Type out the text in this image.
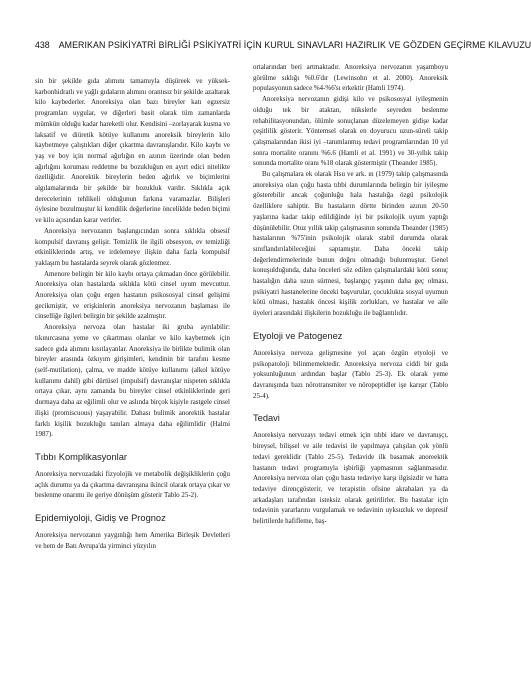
438 AMERIKAN PSİKİYATRİ BİRLİĞİ PSİKİYATRİ İÇİN KURUL SINAVLARI HAZIRLIK VE GÖZDEN GEÇİRME KILAVUZU

sin bir şekilde gıda alımını tamamıyla düşüreek ve yüksek- karbonhidratlı ve yağlı gıdaların alımını orantısız bir şekilde azaltarak kilo kaybederler. Anoreksiya olan bazı bireyler katı egzersiz programları uygular, ve diğerleri basit olarak tüm zamanlarda mümkün olduğu kadar hareketli olur. Kendisini –zorlayarak kusma ve laksatif ve diüretik kötüye kullanımı anoreksik bireylerin kilo kaybetmeye çalıştıkları diğer çıkartma davranışlarıdır. Kilo kaybı ve yaş ve boy için normal ağırlığın en azının üzerinde olan beden ağırlığını koruması reddetme bu bozukluğun en ayırt edici nitelikte özelliğidir. Anorektik bireylerin beden ağırlık ve biçimlerini algılamalarında bir şekilde bir bozukluk vardır. Sıklıkla açık derecelerinin tehlikeli olduğunun farkına varamazlar. Bilişleri öylesine bozulmuştur ki kendilik değerlerine önceliklde beden biçimi ve kilo açısından karar verirler.

Anoreksiya nervozanın başlangıcından sonra sıklıkla obsesif kompulsif davranış gelişir. Temizlik ile ilgili obsesyon, ev temizliği etkinliklerinde artış, ve irdelemeye ilişkin daha fazla kompulsif yaklaşım bu hastalarda seyrek olarak gözlenmez.

Amenore belirgin bir kilo kaybı ortaya çıkmadan önce görülebilir. Anoreksiya olan hastalarda sıklıkla kötü cinsel uyum mevcuttur. Anoreksiya olan çoğu ergen hastanın psikososyal cinsel gelişimi gecikmiştir, ve erişkinlerin anoreksiya nervozanın başlaması ile cinselliğe ilgileri belirgin bir şekilde azalmıştır.

Anoreksiya nervoza olan hastalar iki gruba ayrılabilir: tıkınırcasına yeme ve çıkartması olanlar ve kilo kaybetmek için sadece gıda alımını kısıtlayanlar. Anoreksiya ile birlikte bulimik olan bireyler arasında özkıyım girişimleri, kendinin bir tarafını kesme (self-mutilation), çalma, ve madde kötüye kullanımı (alkol kötüye kullanımı dahil) gibi dürtüsel (impulsif) davranışlar nispeten sıklıkla ortaya çıkar, aynı zamanda bu bireyler cinsel etkinliklerinde geri durmaya daha az eğilimli olur ve aslında birçok kişiyle rastgele cinsel ilişki (promiscuous) yaşayabilir. Dahası bulimik anorektik hastalar farklı kişilik bozukluğu tanıları almaya daha eğilimlidir (Halmi 1987).

Tıbbı Komplikasyonlar

Anoreksiya nervozadaki fizyolojik ve metabolik değişikliklerin çoğu açlık durumu ya da çıkartma davranışına ikincil olarak ortaya çıkar ve beslenme onarımı ile geriye dönüşüm gösterir Tablo 25-2).

Epidemiyoloji, Gidiş ve Prognoz

Anoreksiya nervozanın yaygınlığı hem Amerika Birleşik Devletleri ve hem de Batı Avrupa'da yirminci yüzyılın

ortalarından beri artmaktadır. Anoreksiya nervozanın yaşamboyu görülme sıklığı %0.6'dır (Lewinsohn et al. 2000). Anoreksik populasyonun sadece %4-%6'sı erkektir (Hamli 1974).

Anoreksiya nervozanın gidişi kilo ve psikososyal iyileşmenin olduğu tek bir ataktan, nükslerle seyreden beslenme rehabilitasyonundan, ölümle sonuçlanan düzelemeyen gidişe kadar çeşitlilik gösterir. Yöntemsel olarak en doyurucu uzun-süreli takip çalışmalarından ikisi iyi –tanımlanmış tedavi programlarından 10 yıl sonra mortalite oranını %6.6 (Hamli et al. 1991) ve 30-yıllık takip sonunda mortalite oranı %18 olarak göstermiştir (Theander 1985).

Bu çalışmalara ek olarak Hsu ve ark. ın (1979) takip çalışmasında anoreksiya olan çoğu hasta tıbbi durumlarında belirgin bir iyileşme gösterebilir ancak çoğunluğu hala hastalığa özgü psikolojik özelliklere sahiptir. Bu hastaların dörtte birinden azının 20-50 yaşlarına kadar takip edildiğinde iyi bir psikolojik uyum yaptığı düşünülebilir. Otuz yıllık takip çalışmasının sonunda Theander (1985) hastalarının %75'inin psikolojik olarak stabil durumda olarak sınıflandırılabileceğini saptamıştır. Daha önceki takip değerlendirmelerinde bunun doğru olmadığı bulunmuştur. Genel konuşulduğunda, daha önceleri söz edilen çalışmalardaki kötü sonuç hastalığın daha uzun sürmesi, başlangıç yaşının daha geç olması, psikiyatri hastanelerine önceki başvurular, çocuklukta sosyal uyumun kötü olması, hastalık öncesi kişilik zorlukları, ve hastalar ve aile üyeleri arasındaki ilişkilerin bozukluğu ile bağlantılıdır.

Etyoloji ve Patogenez

Anoreksiya nervoza gelişmesine yol açan özgün etyoloji ve psikopatoloji bilinmemektedir. Anoreksiya nervoza ciddi bir gıda yoksunluğunun ardından başlar (Tablo 25-3). Ek olarak yeme davranışında bazı nörotransmiter ve nöropeptidler işe karışır (Tablo 25-4).

Tedavi

Anoreksiya nervozayı tedavi etmek için tıbbi idare ve davranışçı, bireysel, bilişsel ve aile tedavisi ile yapılmaya çalışılan çok yönlü tedavi gereklidir (Tablo 25-5). Tedavide ilk basamak anoreektik hastanın tedavi programıyla işbirliği yapmasının sağlanmasıdır. Anoreksiya nervoza olan çoğu hasta tedaviye karşı ilgisizdir ve hatta tedaviye dirençgösterir, ve terapistin ofisine akrabaları ya da arkadaşları tarafından isteksiz olarak getirilirler. Bu hastalar için tedavinin yararlarını vurgulamak ve tedavinin uyksuzluk ve depresif belirtilerde hafifleme, baş-
